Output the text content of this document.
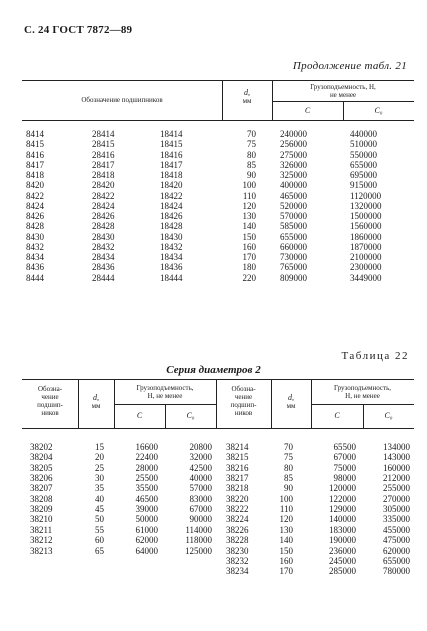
С. 24 ГОСТ 7872—89
Продолжение табл. 21
Обозначение подшипников
d,
мм
Грузоподъемность, Н,
не менее
C	C₀
8414	28414	18414	70	240000	440000
8415	28415	18415	75	256000	510000
8416	28416	18416	80	275000	550000
8417	28417	18417	85	326000	655000
8418	28418	18418	90	325000	695000
8420	28420	18420	100	400000	915000
8422	28422	18422	110	465000	1120000
8424	28424	18424	120	520000	1320000
8426	28426	18426	130	570000	1500000
8428	28428	18428	140	585000	1560000
8430	28430	18430	150	655000	1860000
8432	28432	18432	160	660000	1870000
8434	28434	18434	170	730000	2100000
8436	28436	18436	180	765000	2300000
8444	28444	18444	220	809000	3449000
Таблица 22
Серия диаметров 2
Обозна-
чение
подшип-
ников
d,
мм
Грузоподъемность,
Н, не менее
C	C₀
Обозна-
чение
подшип-
ников
d,
мм
Грузоподъемность,
Н, не менее
C	C₀
38202	15	16600	20800
38204	20	22400	32000
38205	25	28000	42500
38206	30	25500	40000
38207	35	35500	57000
38208	40	46500	83000
38209	45	39000	67000
38210	50	50000	90000
38211	55	61000	114000
38212	60	62000	118000
38213	65	64000	125000
38214	70	65500	134000
38215	75	67000	143000
38216	80	75000	160000
38217	85	98000	212000
38218	90	120000	255000
38220	100	122000	270000
38222	110	129000	305000
38224	120	140000	335000
38226	130	183000	455000
38228	140	190000	475000
38230	150	236000	620000
38232	160	245000	655000
38234	170	285000	780000
